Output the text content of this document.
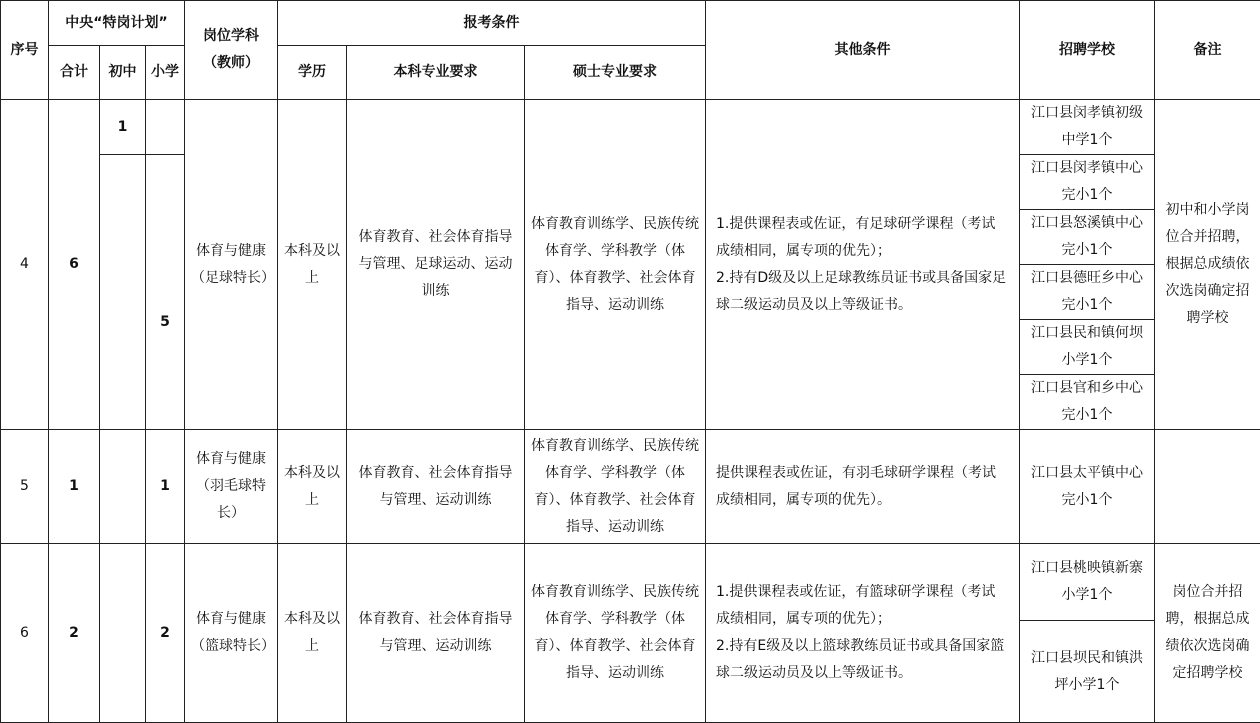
序号	中央“特岗计划”			岗位学科（教师）	报考条件			其他条件	招聘学校	备注
	合计	初中	小学		学历	本科专业要求	硕士专业要求			
4	6	1		体育与健康（足球特长）	本科及以上	体育教育、社会体育指导与管理、足球运动、运动训练	体育教育训练学、民族传统体育学、学科教学（体育）、体育教学、社会体育指导、运动训练	1.提供课程表或佐证，有足球研学课程（考试成绩相同，属专项的优先）；
2.持有D级及以上足球教练员证书或具备国家足球二级运动员及以上等级证书。	江口县闵孝镇初级中学1个	初中和小学岗位合并招聘，根据总成绩依次选岗确定招聘学校
			5						江口县闵孝镇中心完小1个	
									江口县怒溪镇中心完小1个	
									江口县德旺乡中心完小1个	
									江口县民和镇何坝小学1个	
									江口县官和乡中心完小1个	
5	1		1	体育与健康（羽毛球特长）	本科及以上	体育教育、社会体育指导与管理、运动训练	体育教育训练学、民族传统体育学、学科教学（体育）、体育教学、社会体育指导、运动训练	提供课程表或佐证，有羽毛球研学课程（考试成绩相同，属专项的优先）。	江口县太平镇中心完小1个	
6	2		2	体育与健康（篮球特长）	本科及以上	体育教育、社会体育指导与管理、运动训练	体育教育训练学、民族传统体育学、学科教学（体育）、体育教学、社会体育指导、运动训练	1.提供课程表或佐证，有篮球研学课程（考试成绩相同，属专项的优先）；
2.持有E级及以上篮球教练员证书或具备国家篮球二级运动员及以上等级证书。	江口县桃映镇新寨小学1个	岗位合并招聘，根据总成绩依次选岗确定招聘学校
									江口县坝民和镇洪坪小学1个	
